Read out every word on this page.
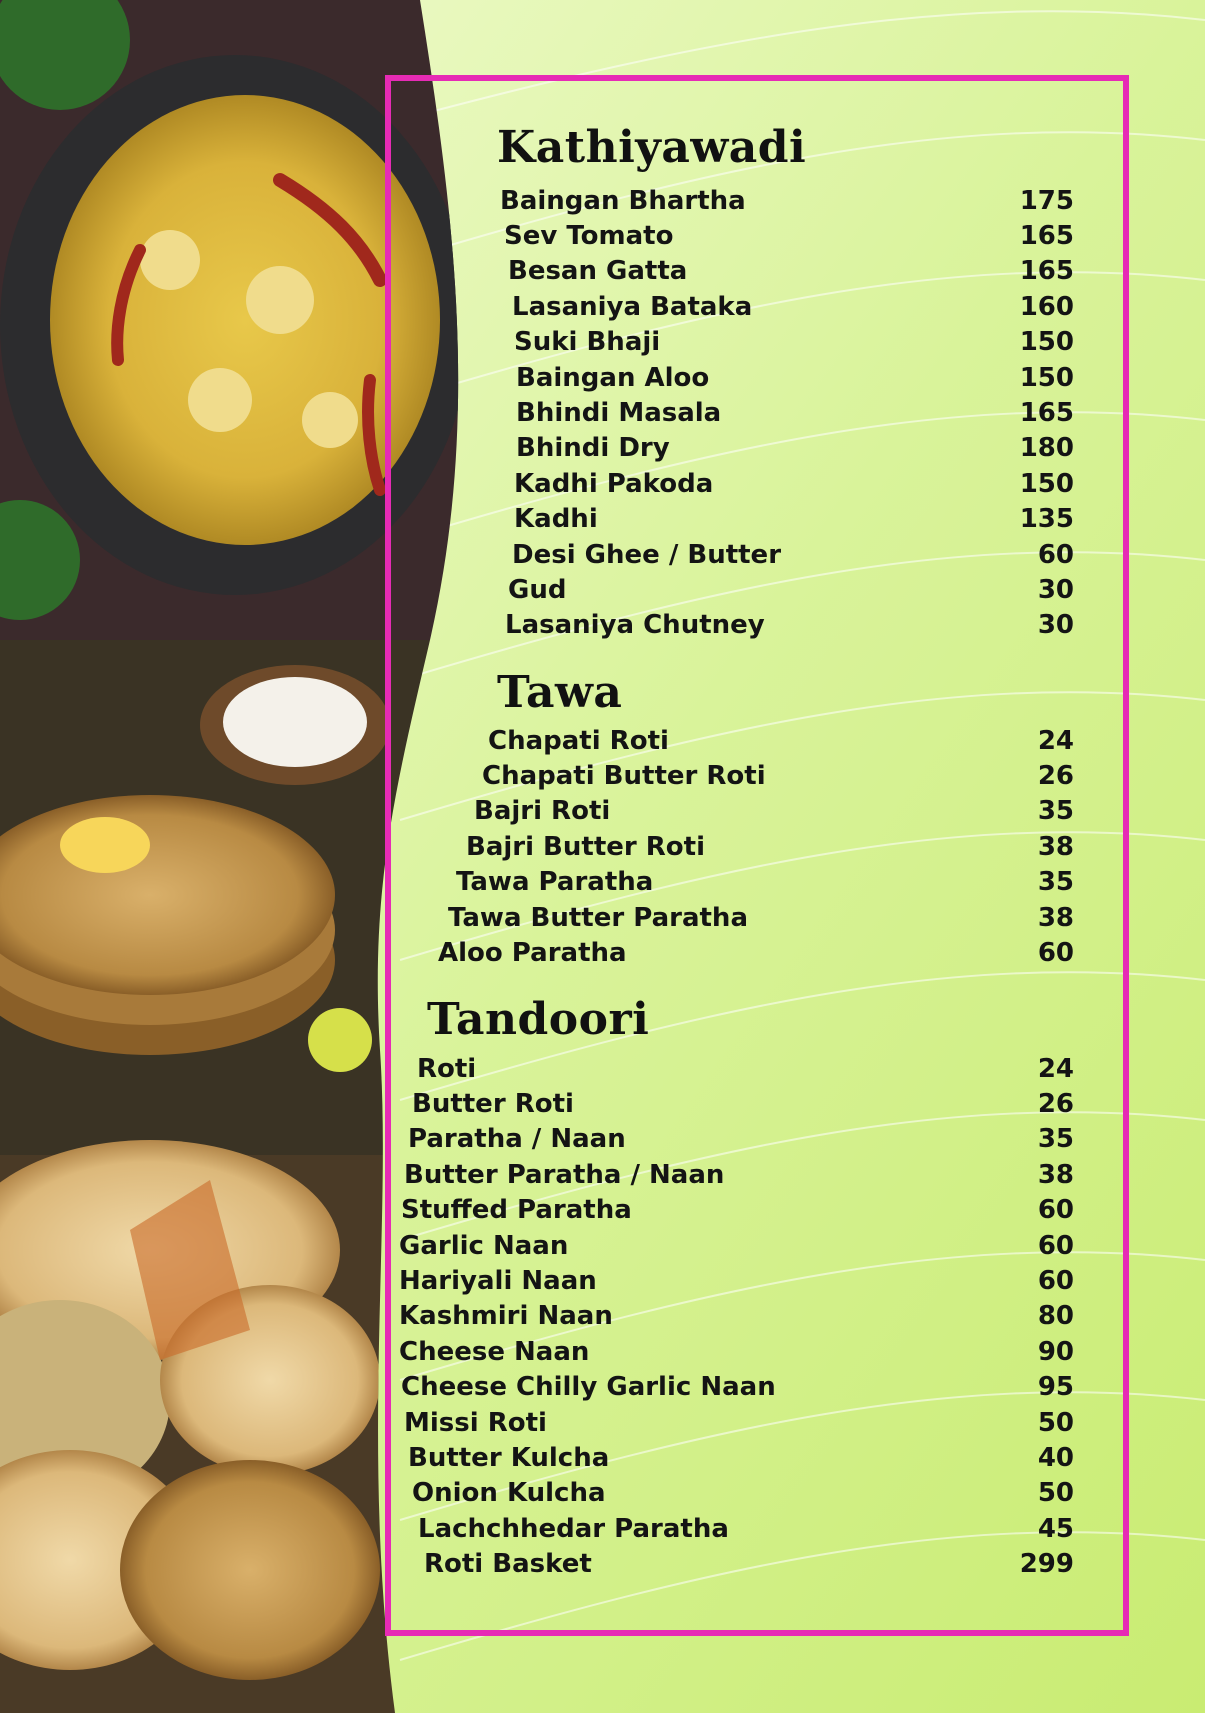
Kathiyawadi
Baingan Bhartha	175
Sev Tomato	165
Besan Gatta	165
Lasaniya Bataka	160
Suki Bhaji	150
Baingan Aloo	150
Bhindi Masala	165
Bhindi Dry	180
Kadhi Pakoda	150
Kadhi	135
Desi Ghee / Butter	60
Gud	30
Lasaniya Chutney	30
Tawa
Chapati Roti	24
Chapati Butter Roti	26
Bajri Roti	35
Bajri Butter Roti	38
Tawa Paratha	35
Tawa Butter Paratha	38
Aloo Paratha	60
Tandoori
Roti	24
Butter Roti	26
Paratha / Naan	35
Butter Paratha / Naan	38
Stuffed Paratha	60
Garlic Naan	60
Hariyali Naan	60
Kashmiri Naan	80
Cheese Naan	90
Cheese Chilly Garlic Naan	95
Missi Roti	50
Butter Kulcha	40
Onion Kulcha	50
Lachchhedar Paratha	45
Roti Basket	299
